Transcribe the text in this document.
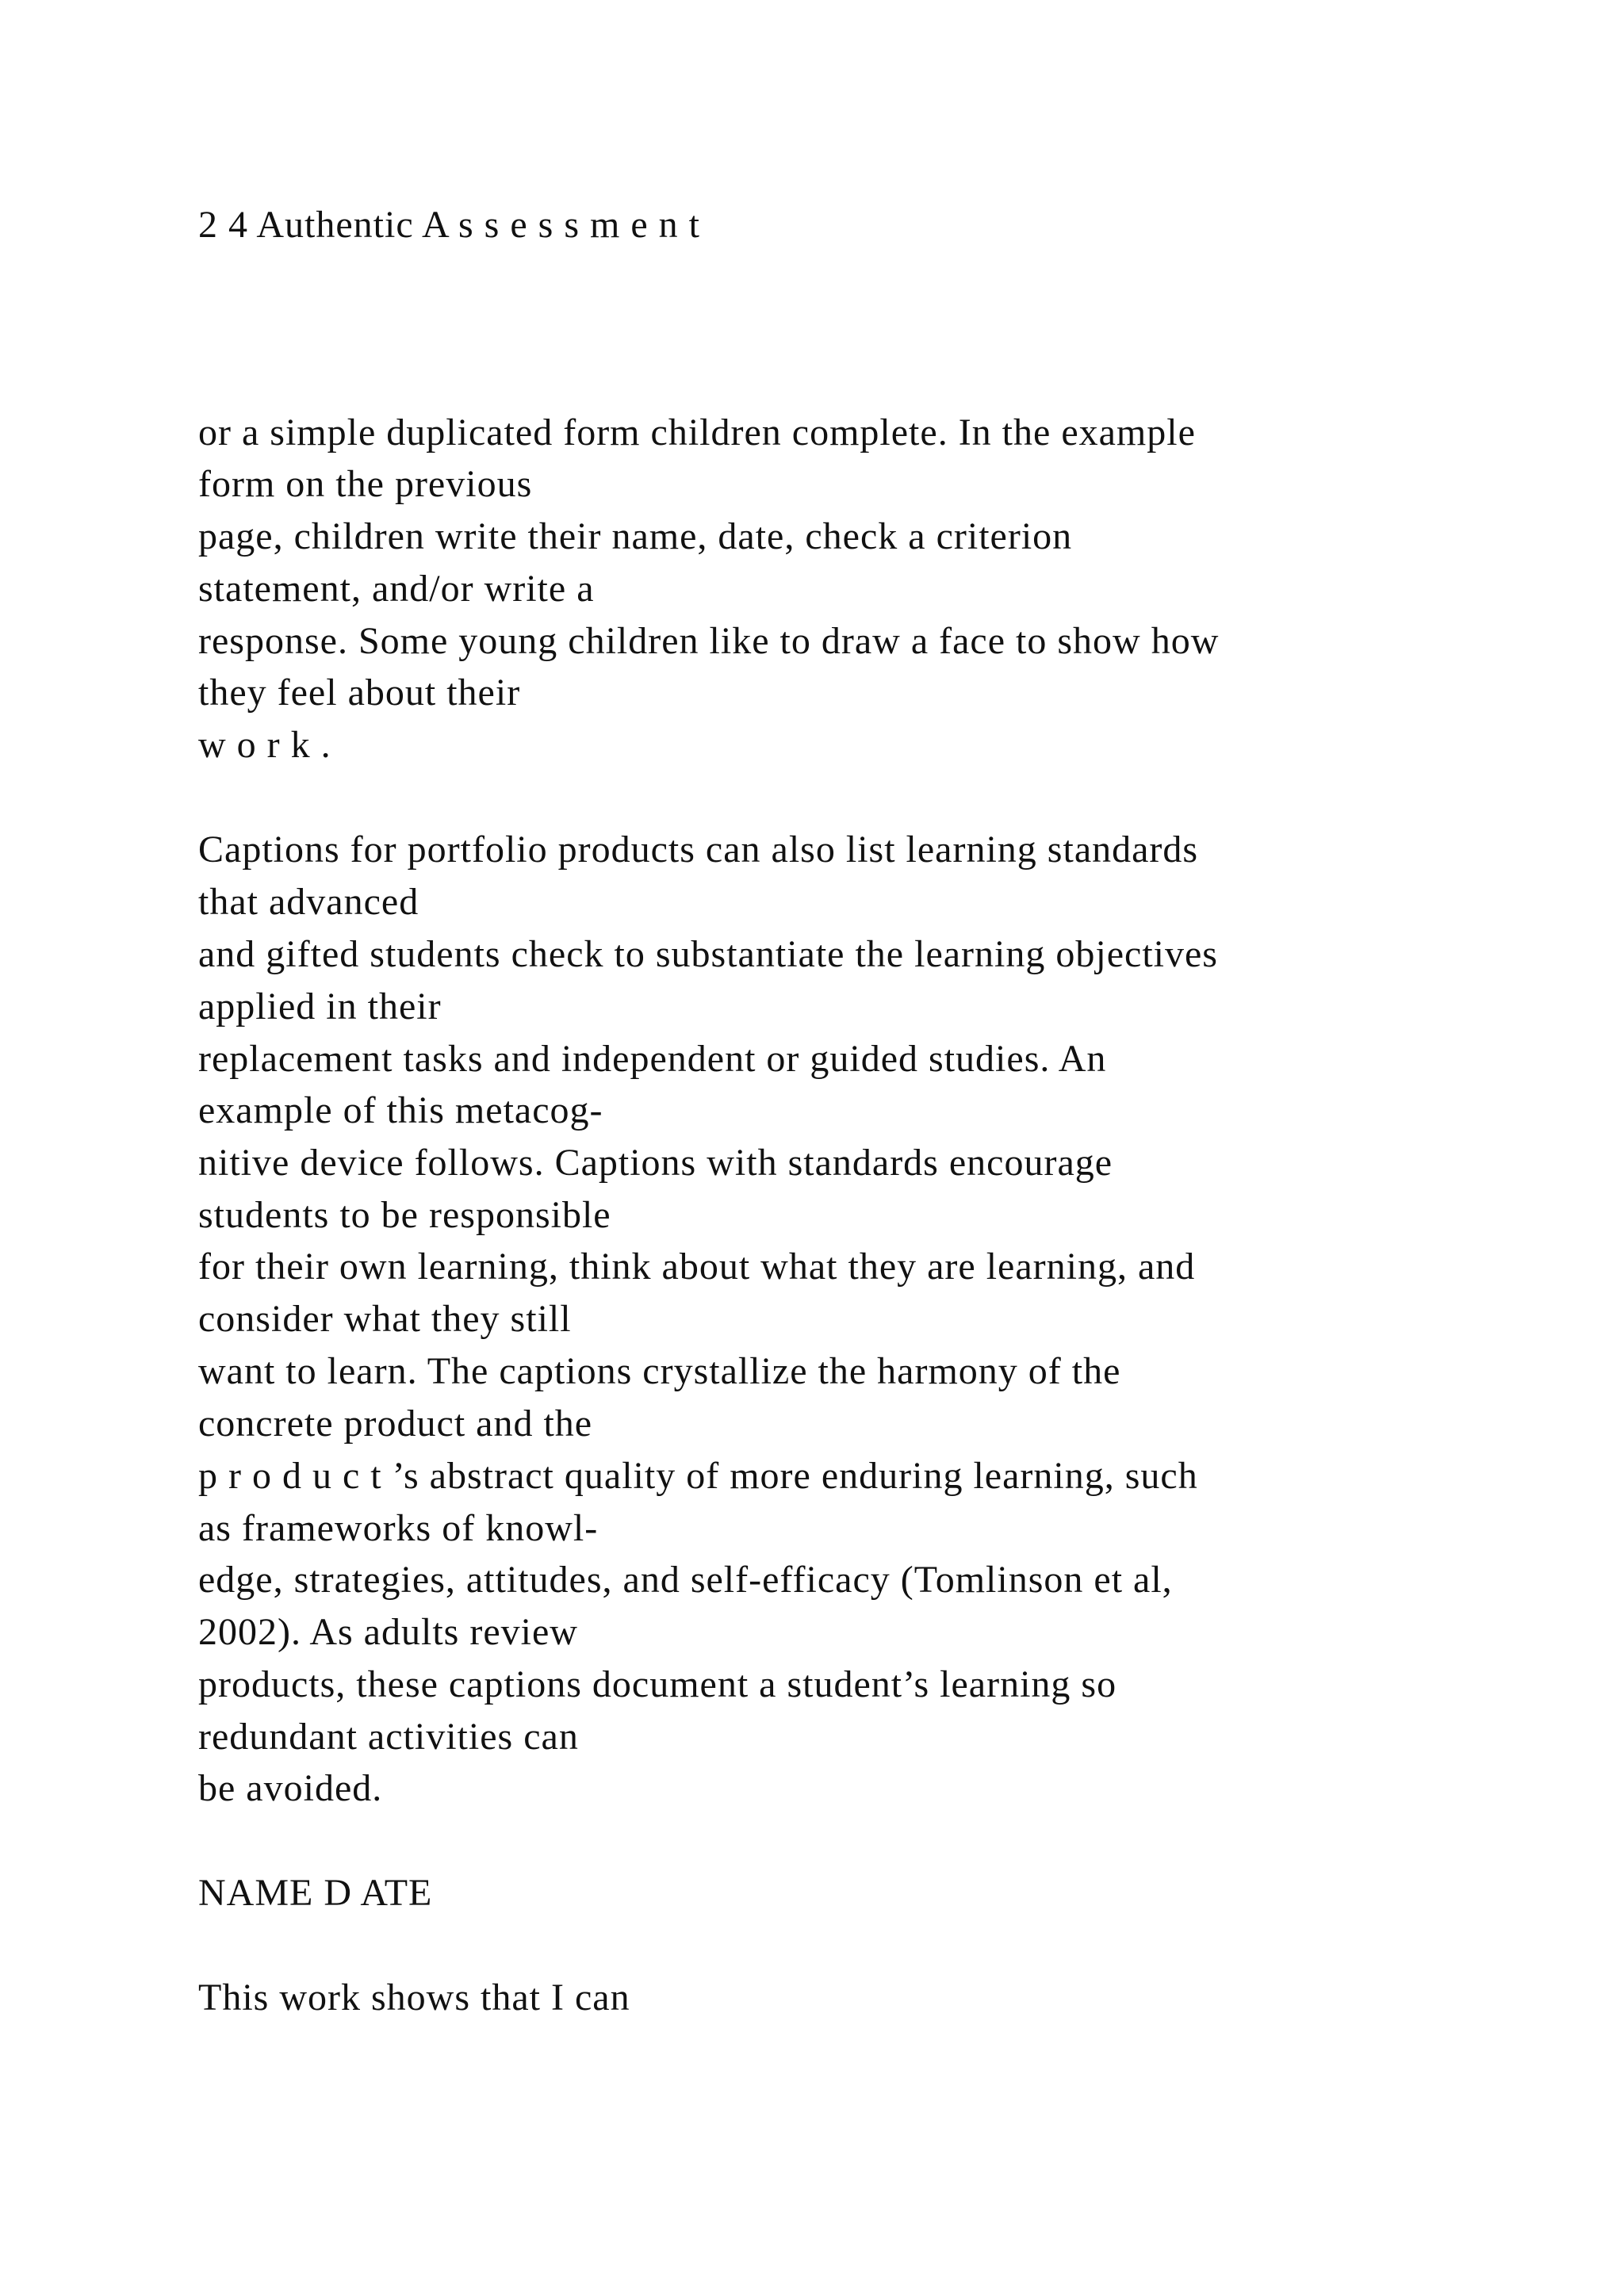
2 4 Authentic A s s e s s m e n t
or a simple duplicated form children complete. In the example
form on the previous
page, children write their name, date, check a criterion
statement, and/or write a
response. Some young children like to draw a face to show how
they feel about their
w o r k .
Captions for portfolio products can also list learning standards
that advanced
and gifted students check to substantiate the learning objectives
applied in their
replacement tasks and independent or guided studies. An
example of this metacog-
nitive device follows. Captions with standards encourage
students to be responsible
for their own learning, think about what they are learning, and
consider what they still
want to learn. The captions crystallize the harmony of the
concrete product and the
p r o d u c t ’s abstract quality of more enduring learning, such
as frameworks of knowl-
edge, strategies, attitudes, and self-efficacy (Tomlinson et al,
2002). As adults review
products, these captions document a student’s learning so
redundant activities can
be avoided.
NAME D ATE
This work shows that I can
